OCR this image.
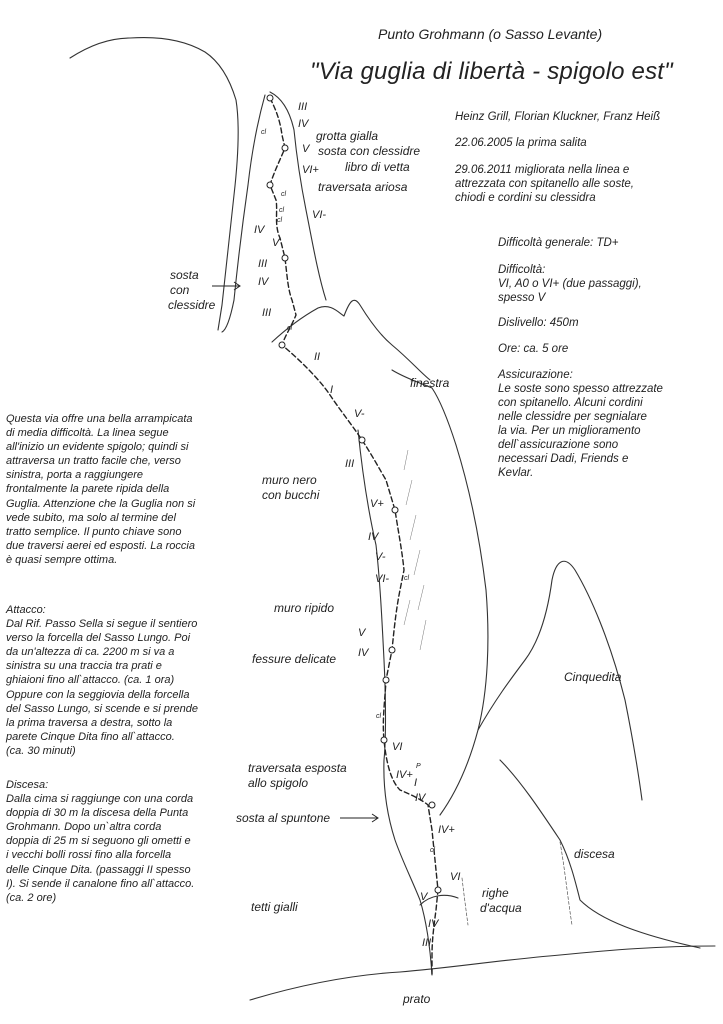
III
IV
V
VI+
VI-
IV
V
III
IV
III
II
I
V-
III
V+
IV
V-
VI-
V
IV
VI
IV+
I
IV
IV+
VI
V
IV
III
cl
cl
cl
cl
cl
cl
cl
cl
P
grotta gialla
sosta con clessidre
libro di vetta
traversata ariosa
sosta
con
clessidre
finestra
muro nero
con bucchi
muro ripido
fessure delicate
Cinquedita
traversata esposta
allo spigolo
sosta al spuntone
discesa
righe
d'acqua
tetti gialli
prato
Punto Grohmann (o Sasso Levante)
"Via guglia di libertà - spigolo est"
Heinz Grill, Florian Kluckner, Franz Heiß
22.06.2005 la prima salita
29.06.2011 migliorata nella linea e
attrezzata con spitanello alle soste,
chiodi e cordini su clessidra
Difficoltà generale: TD+
Difficoltà:
VI, A0 o VI+ (due passaggi),
spesso V
Dislivello: 450m
Ore: ca. 5 ore
Assicurazione:
Le soste sono spesso attrezzate
con spitanello. Alcuni cordini
nelle clessidre per segnialare
la via. Per un miglioramento
dell`assicurazione sono
necessari Dadi, Friends e
Kevlar.
Questa via offre una bella arrampicata
di media difficoltà. La linea segue
all'inizio un evidente spigolo; quindi si
attraversa un tratto facile che, verso
sinistra, porta a raggiungere
frontalmente la parete ripida della
Guglia. Attenzione che la Guglia non si
vede subito, ma solo al termine del
tratto semplice. Il punto chiave sono
due traversi aerei ed esposti. La roccia
è quasi sempre ottima.
Attacco:
Dal Rif. Passo Sella si segue il sentiero
verso la forcella del Sasso Lungo. Poi
da un'altezza di ca. 2200 m si va a
sinistra su una traccia tra prati e
ghiaioni fino all`attacco. (ca. 1 ora)
Oppure con la seggiovia della forcella
del Sasso Lungo, si scende e si prende
la prima traversa a destra, sotto la
parete Cinque Dita fino all`attacco.
(ca. 30 minuti)
Discesa:
Dalla cima si raggiunge con una corda
doppia di 30 m la discesa della Punta
Grohmann. Dopo un`altra corda
doppia di 25 m si seguono gli ometti e
i vecchi bolli rossi fino alla forcella
delle Cinque Dita. (passaggi II spesso
I). Si sende il canalone fino all`attacco.
(ca. 2 ore)
